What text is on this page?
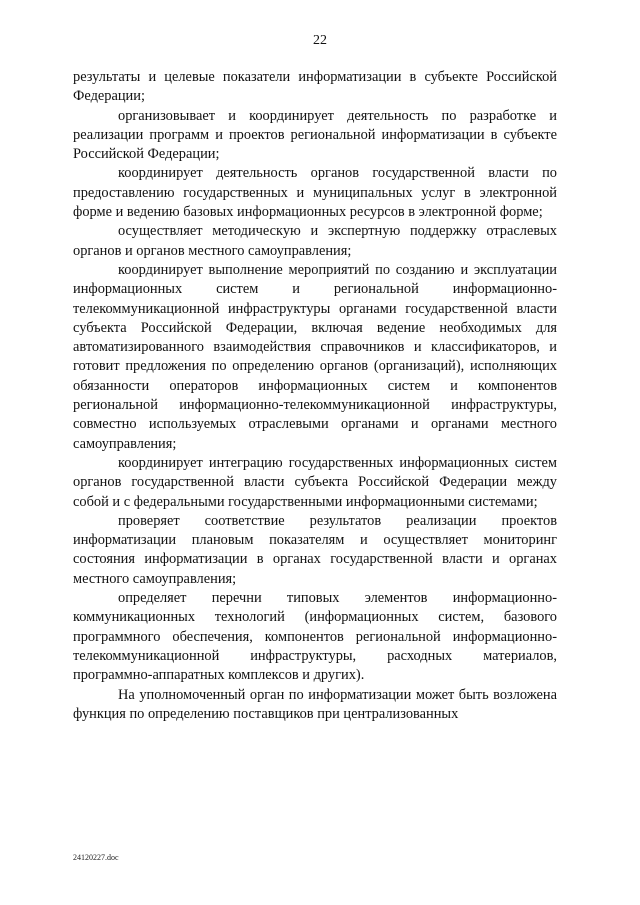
22

результаты и целевые показатели информатизации в субъекте Российской Федерации;

организовывает и координирует деятельность по разработке и реализации программ и проектов региональной информатизации в субъекте Российской Федерации;

координирует деятельность органов государственной власти по предоставлению государственных и муниципальных услуг в электронной форме и ведению базовых информационных ресурсов в электронной форме;

осуществляет методическую и экспертную поддержку отраслевых органов и органов местного самоуправления;

координирует выполнение мероприятий по созданию и эксплуатации информационных систем и региональной информационно-телекоммуникационной инфраструктуры органами государственной власти субъекта Российской Федерации, включая ведение необходимых для автоматизированного взаимодействия справочников и классификаторов, и готовит предложения по определению органов (организаций), исполняющих обязанности операторов информационных систем и компонентов региональной информационно-телекоммуникационной инфраструктуры, совместно используемых отраслевыми органами и органами местного самоуправления;

координирует интеграцию государственных информационных систем органов государственной власти субъекта Российской Федерации между собой и с федеральными государственными информационными системами;

проверяет соответствие результатов реализации проектов информатизации плановым показателям и осуществляет мониторинг состояния информатизации в органах государственной власти и органах местного самоуправления;

определяет перечни типовых элементов информационно-коммуникационных технологий (информационных систем, базового программного обеспечения, компонентов региональной информационно-телекоммуникационной инфраструктуры, расходных материалов, программно-аппаратных комплексов и других).

На уполномоченный орган по информатизации может быть возложена функция по определению поставщиков при централизованных

24120227.doc
